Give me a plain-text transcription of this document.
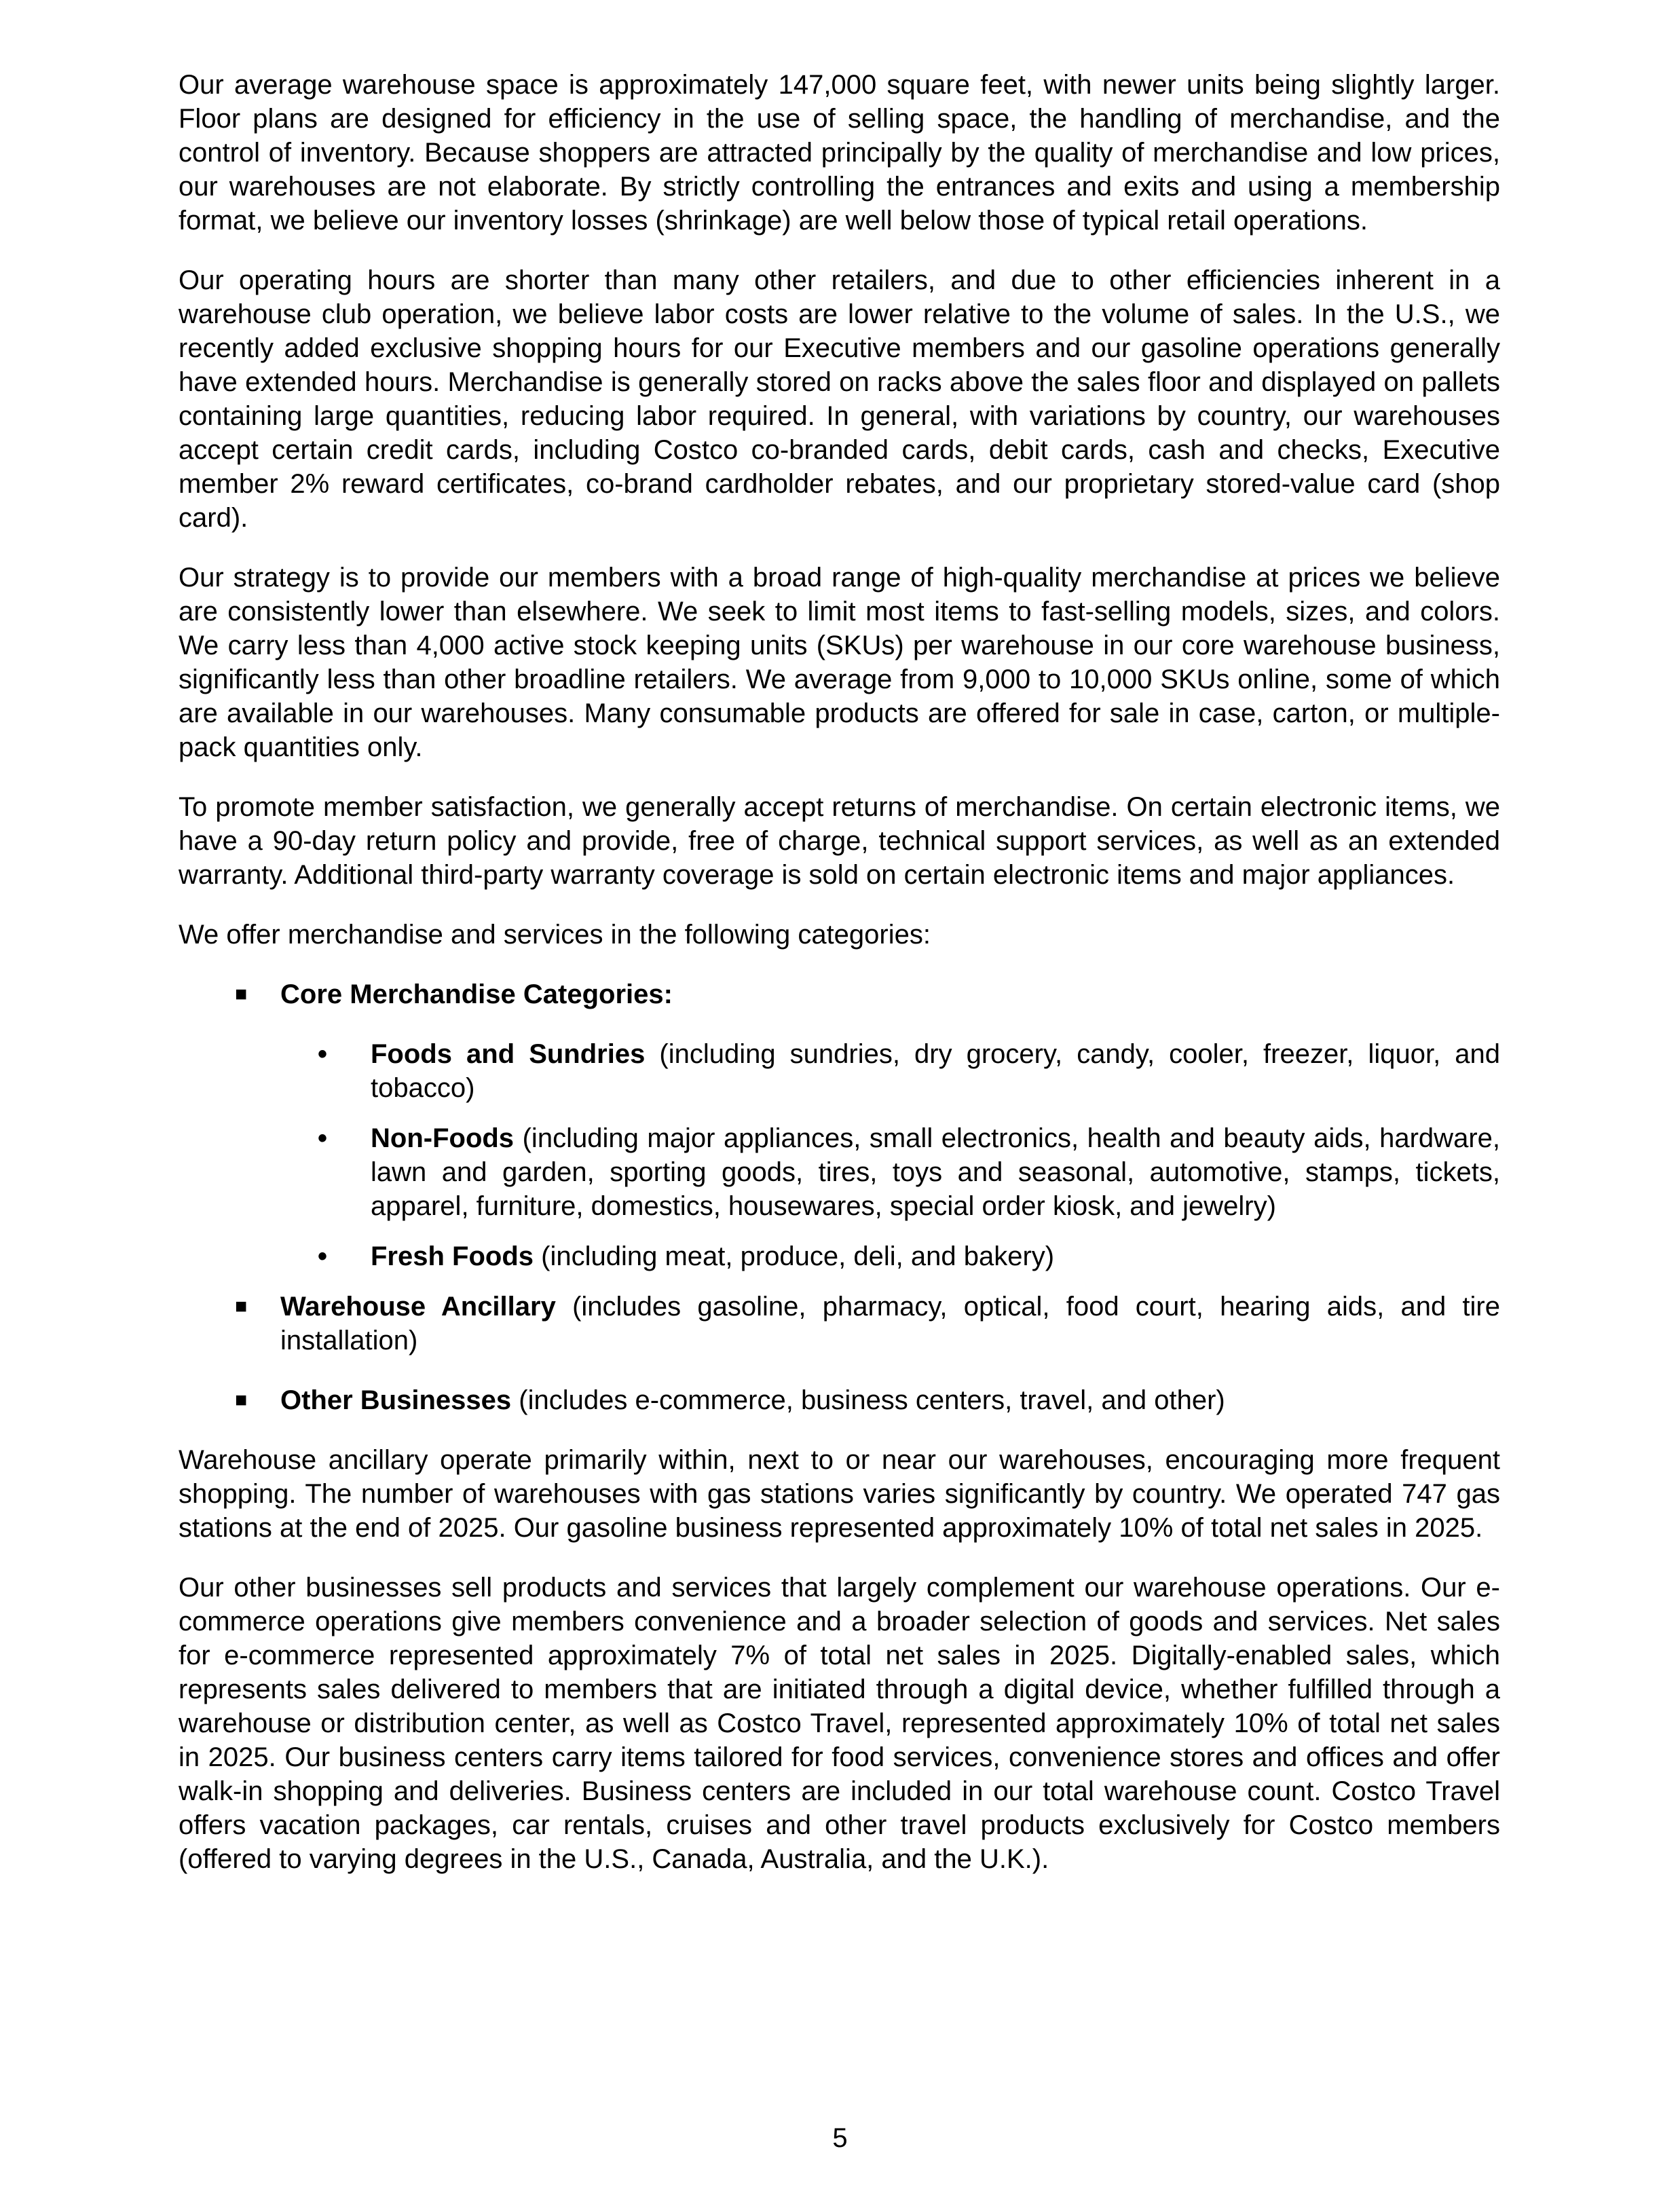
Our average warehouse space is approximately 147,000 square feet, with newer units being slightly larger. Floor plans are designed for efficiency in the use of selling space, the handling of merchandise, and the control of inventory. Because shoppers are attracted principally by the quality of merchandise and low prices, our warehouses are not elaborate. By strictly controlling the entrances and exits and using a membership format, we believe our inventory losses (shrinkage) are well below those of typical retail operations.

Our operating hours are shorter than many other retailers, and due to other efficiencies inherent in a warehouse club operation, we believe labor costs are lower relative to the volume of sales. In the U.S., we recently added exclusive shopping hours for our Executive members and our gasoline operations generally have extended hours. Merchandise is generally stored on racks above the sales floor and displayed on pallets containing large quantities, reducing labor required. In general, with variations by country, our warehouses accept certain credit cards, including Costco co-branded cards, debit cards, cash and checks, Executive member 2% reward certificates, co-brand cardholder rebates, and our proprietary stored-value card (shop card).

Our strategy is to provide our members with a broad range of high-quality merchandise at prices we believe are consistently lower than elsewhere. We seek to limit most items to fast-selling models, sizes, and colors. We carry less than 4,000 active stock keeping units (SKUs) per warehouse in our core warehouse business, significantly less than other broadline retailers. We average from 9,000 to 10,000 SKUs online, some of which are available in our warehouses. Many consumable products are offered for sale in case, carton, or multiple-pack quantities only.

To promote member satisfaction, we generally accept returns of merchandise. On certain electronic items, we have a 90-day return policy and provide, free of charge, technical support services, as well as an extended warranty. Additional third-party warranty coverage is sold on certain electronic items and major appliances.

We offer merchandise and services in the following categories:

■ Core Merchandise Categories:
• Foods and Sundries (including sundries, dry grocery, candy, cooler, freezer, liquor, and tobacco)
• Non-Foods (including major appliances, small electronics, health and beauty aids, hardware, lawn and garden, sporting goods, tires, toys and seasonal, automotive, stamps, tickets, apparel, furniture, domestics, housewares, special order kiosk, and jewelry)
• Fresh Foods (including meat, produce, deli, and bakery)
■ Warehouse Ancillary (includes gasoline, pharmacy, optical, food court, hearing aids, and tire installation)
■ Other Businesses (includes e-commerce, business centers, travel, and other)

Warehouse ancillary operate primarily within, next to or near our warehouses, encouraging more frequent shopping. The number of warehouses with gas stations varies significantly by country. We operated 747 gas stations at the end of 2025. Our gasoline business represented approximately 10% of total net sales in 2025.

Our other businesses sell products and services that largely complement our warehouse operations. Our e-commerce operations give members convenience and a broader selection of goods and services. Net sales for e-commerce represented approximately 7% of total net sales in 2025. Digitally-enabled sales, which represents sales delivered to members that are initiated through a digital device, whether fulfilled through a warehouse or distribution center, as well as Costco Travel, represented approximately 10% of total net sales in 2025. Our business centers carry items tailored for food services, convenience stores and offices and offer walk-in shopping and deliveries. Business centers are included in our total warehouse count. Costco Travel offers vacation packages, car rentals, cruises and other travel products exclusively for Costco members (offered to varying degrees in the U.S., Canada, Australia, and the U.K.).

5
